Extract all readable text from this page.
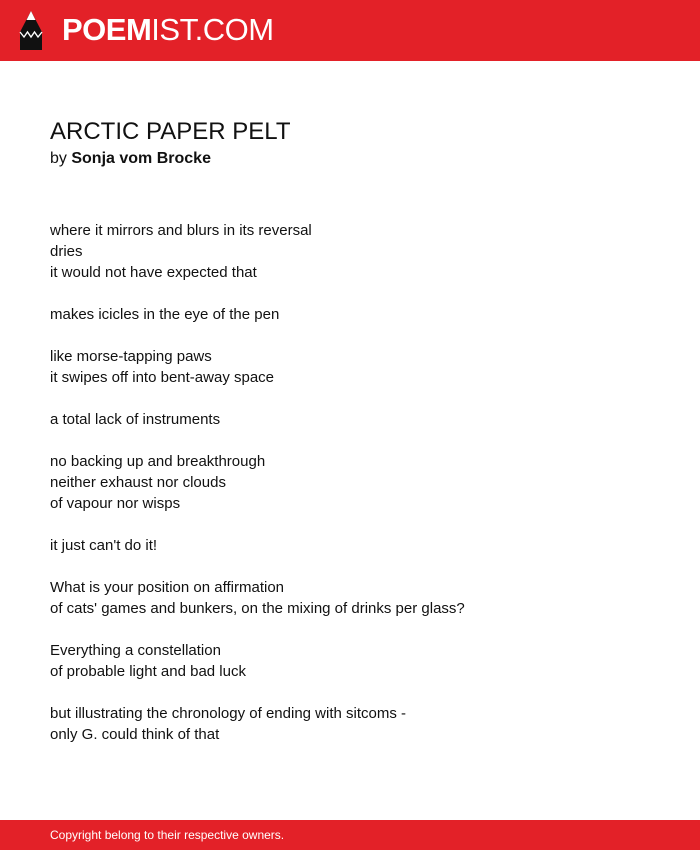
POEMIST.COM
ARCTIC PAPER PELT
by Sonja vom Brocke
where it mirrors and blurs in its reversal
dries
it would not have expected that
makes icicles in the eye of the pen
like morse-tapping paws
it swipes off into bent-away space
a total lack of instruments
no backing up and breakthrough
neither exhaust nor clouds
of vapour nor wisps
it just can't do it!
What is your position on affirmation
of cats' games and bunkers, on the mixing of drinks per glass?
Everything a constellation
of probable light and bad luck
but illustrating the chronology of ending with sitcoms -
only G. could think of that
Copyright belong to their respective owners.
